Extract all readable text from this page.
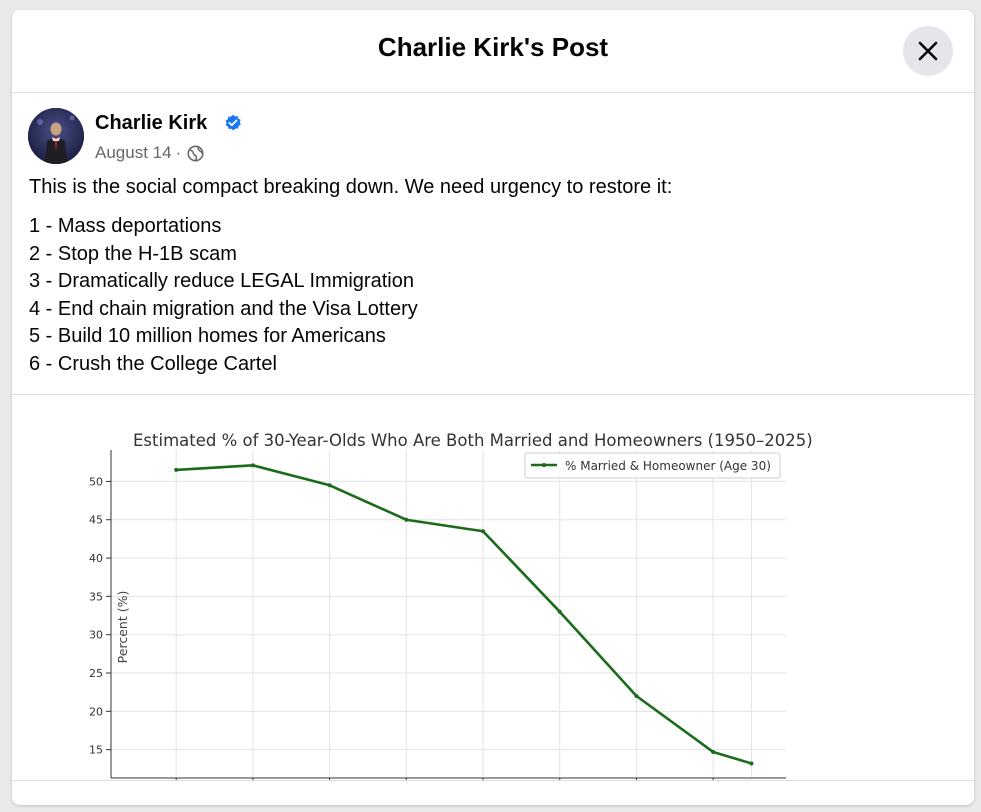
Charlie Kirk's Post
Charlie Kirk
August 14 ·
This is the social compact breaking down. We need urgency to restore it:
1 - Mass deportations
2 - Stop the H-1B scam
3 - Dramatically reduce LEGAL Immigration
4 - End chain migration and the Visa Lottery
5 - Build 10 million homes for Americans
6 - Crush the College Cartel
15
20
25
30
35
40
45
50
Estimated % of 30-Year-Olds Who Are Both Married and Homeowners (1950–2025)
Percent (%)
% Married & Homeowner (Age 30)
